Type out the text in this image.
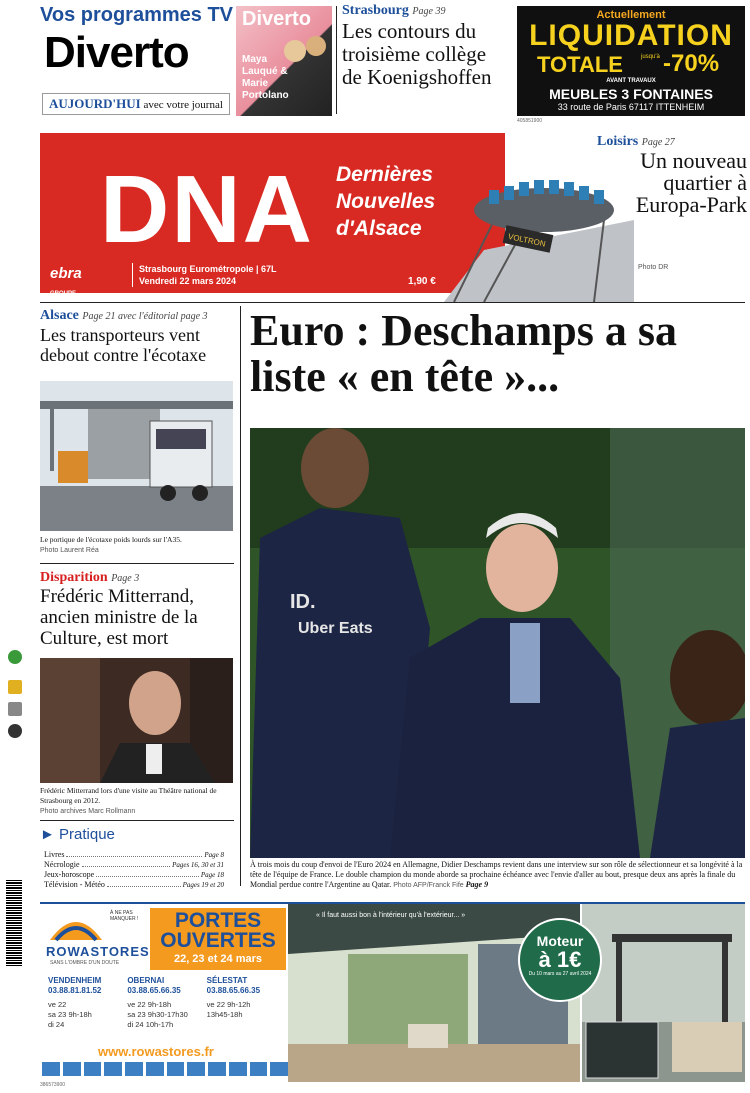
Vos programmes TV
Diverto
AUJOURD'HUI avec votre journal
Diverto
Maya Lauqué & Marie Portolano
Strasbourg Page 39
Les contours du troisième collège de Koenigshoffen
Actuellement
LIQUIDATION
TOTALE	jusqu'à -70%
AVANT TRAVAUX
MEUBLES 3 FONTAINES
33 route de Paris 67117 ITTENHEIM
405851900
DNA Dernières
Nouvelles
d'Alsace
ebra
GROUPE
Strasbourg Eurométropole | 67L
Vendredi 22 mars 2024	1,90 €
VOLTRON
Loisirs Page 27
Un nouveau quartier à Europa-Park
Photo DR
Alsace Page 21 avec l'éditorial page 3
Les transporteurs vent debout contre l'écotaxe
Le portique de l'écotaxe poids lourds sur l'A35.
Photo Laurent Réa
Disparition Page 3
Frédéric Mitterrand, ancien ministre de la Culture, est mort
Frédéric Mitterrand lors d'une visite au Théâtre national de Strasbourg en 2012.
Photo archives Marc Rollmann
► Pratique
Livres	Page 8
Nécrologie	Pages 16, 30 et 31
Jeux-horoscope	Page 18
Télévision - Météo	Pages 19 et 20
Euro : Deschamps a sa liste « en tête »...
ID.
Uber Eats
À trois mois du coup d'envoi de l'Euro 2024 en Allemagne, Didier Deschamps revient dans une interview sur son rôle de sélectionneur et sa longévité à la tête de l'équipe de France. Le double champion du monde aborde sa prochaine échéance avec l'envie d'aller au bout, presque deux ans après la finale du Mondial perdue contre l'Argentine au Qatar. Photo AFP/Franck Fife Page 9
ROWASTORES
SANS L'OMBRE D'UN DOUTE
À NE PAS MANQUER !	PORTES OUVERTES
22, 23 et 24 mars
VENDENHEIM
03.88.81.81.52
ve 22
sa 23 9h-18h
di 24
OBERNAI
03.88.65.66.35
ve 22 9h-18h
sa 23 9h30-17h30
di 24 10h-17h
SÉLESTAT
03.88.65.66.35
ve 22 9h-12h
13h45-18h
www.rowastores.fr
« Il faut aussi bon à l'intérieur qu'à l'extérieur... »
Moteur
à 1€
Du 10 mars au 27 avril 2024
386573900
